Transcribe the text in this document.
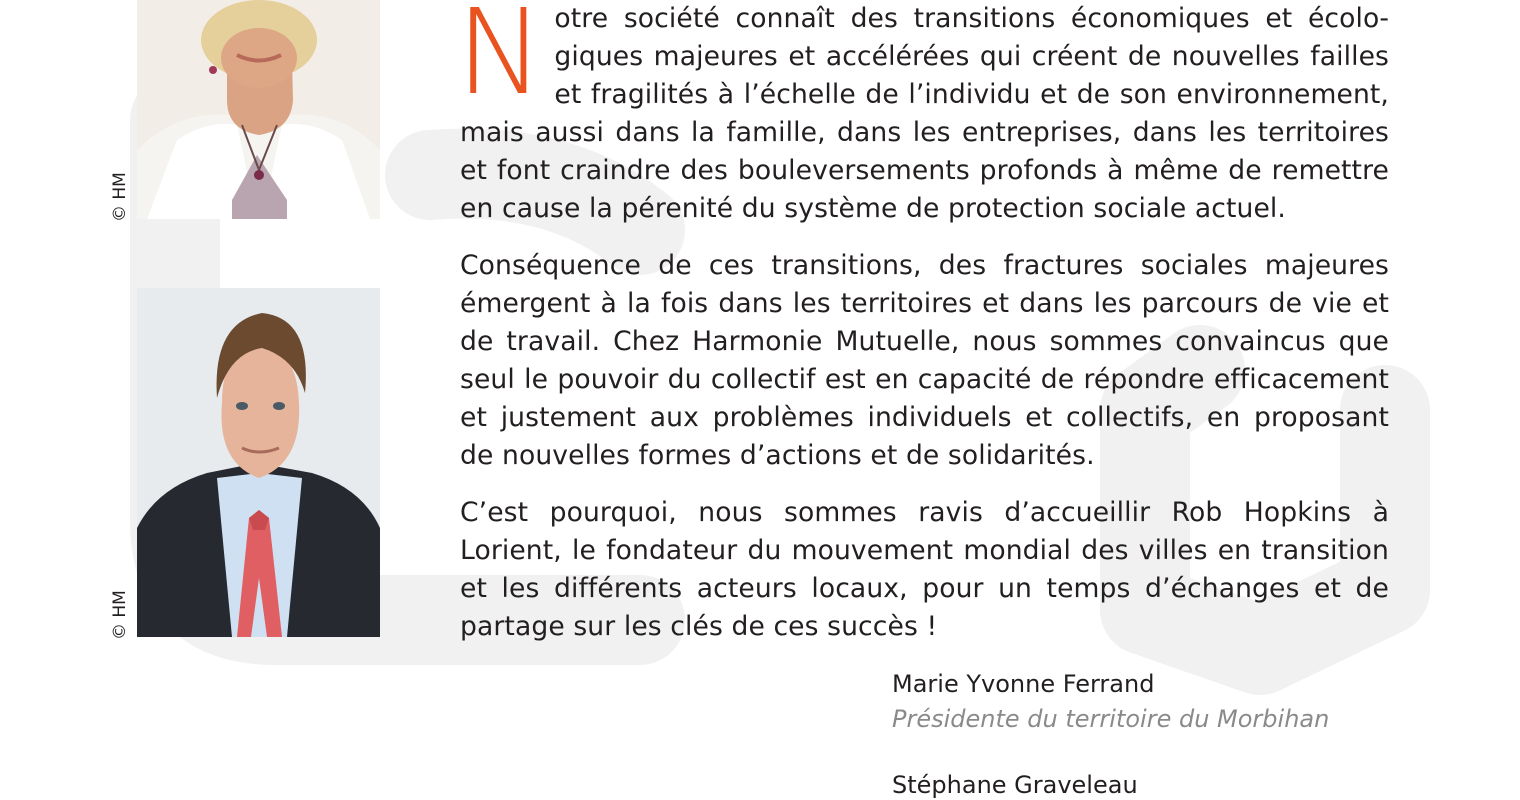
© HM
© HM

Notre société connaît des transitions économiques et écologiques majeures et accélérées qui créent de nouvelles failles et fragilités à l’échelle de l’individu et de son environnement, mais aussi dans la famille, dans les entreprises, dans les territoires et font craindre des bouleversements profonds à même de remettre en cause la pérenité du système de protection sociale actuel.

Conséquence de ces transitions, des fractures sociales majeures émergent à la fois dans les territoires et dans les parcours de vie et de travail. Chez Harmonie Mutuelle, nous sommes convaincus que seul le pouvoir du collectif est en capacité de répondre efficacement et justement aux problèmes individuels et collectifs, en proposant de nouvelles formes d’actions et de solidarités.

C’est pourquoi, nous sommes ravis d’accueillir Rob Hopkins à Lorient, le fondateur du mouvement mondial des villes en transition et les différents acteurs locaux, pour un temps d’échanges et de partage sur les clés de ces succès !

Marie Yvonne Ferrand
Présidente du territoire du Morbihan
Stéphane Graveleau
